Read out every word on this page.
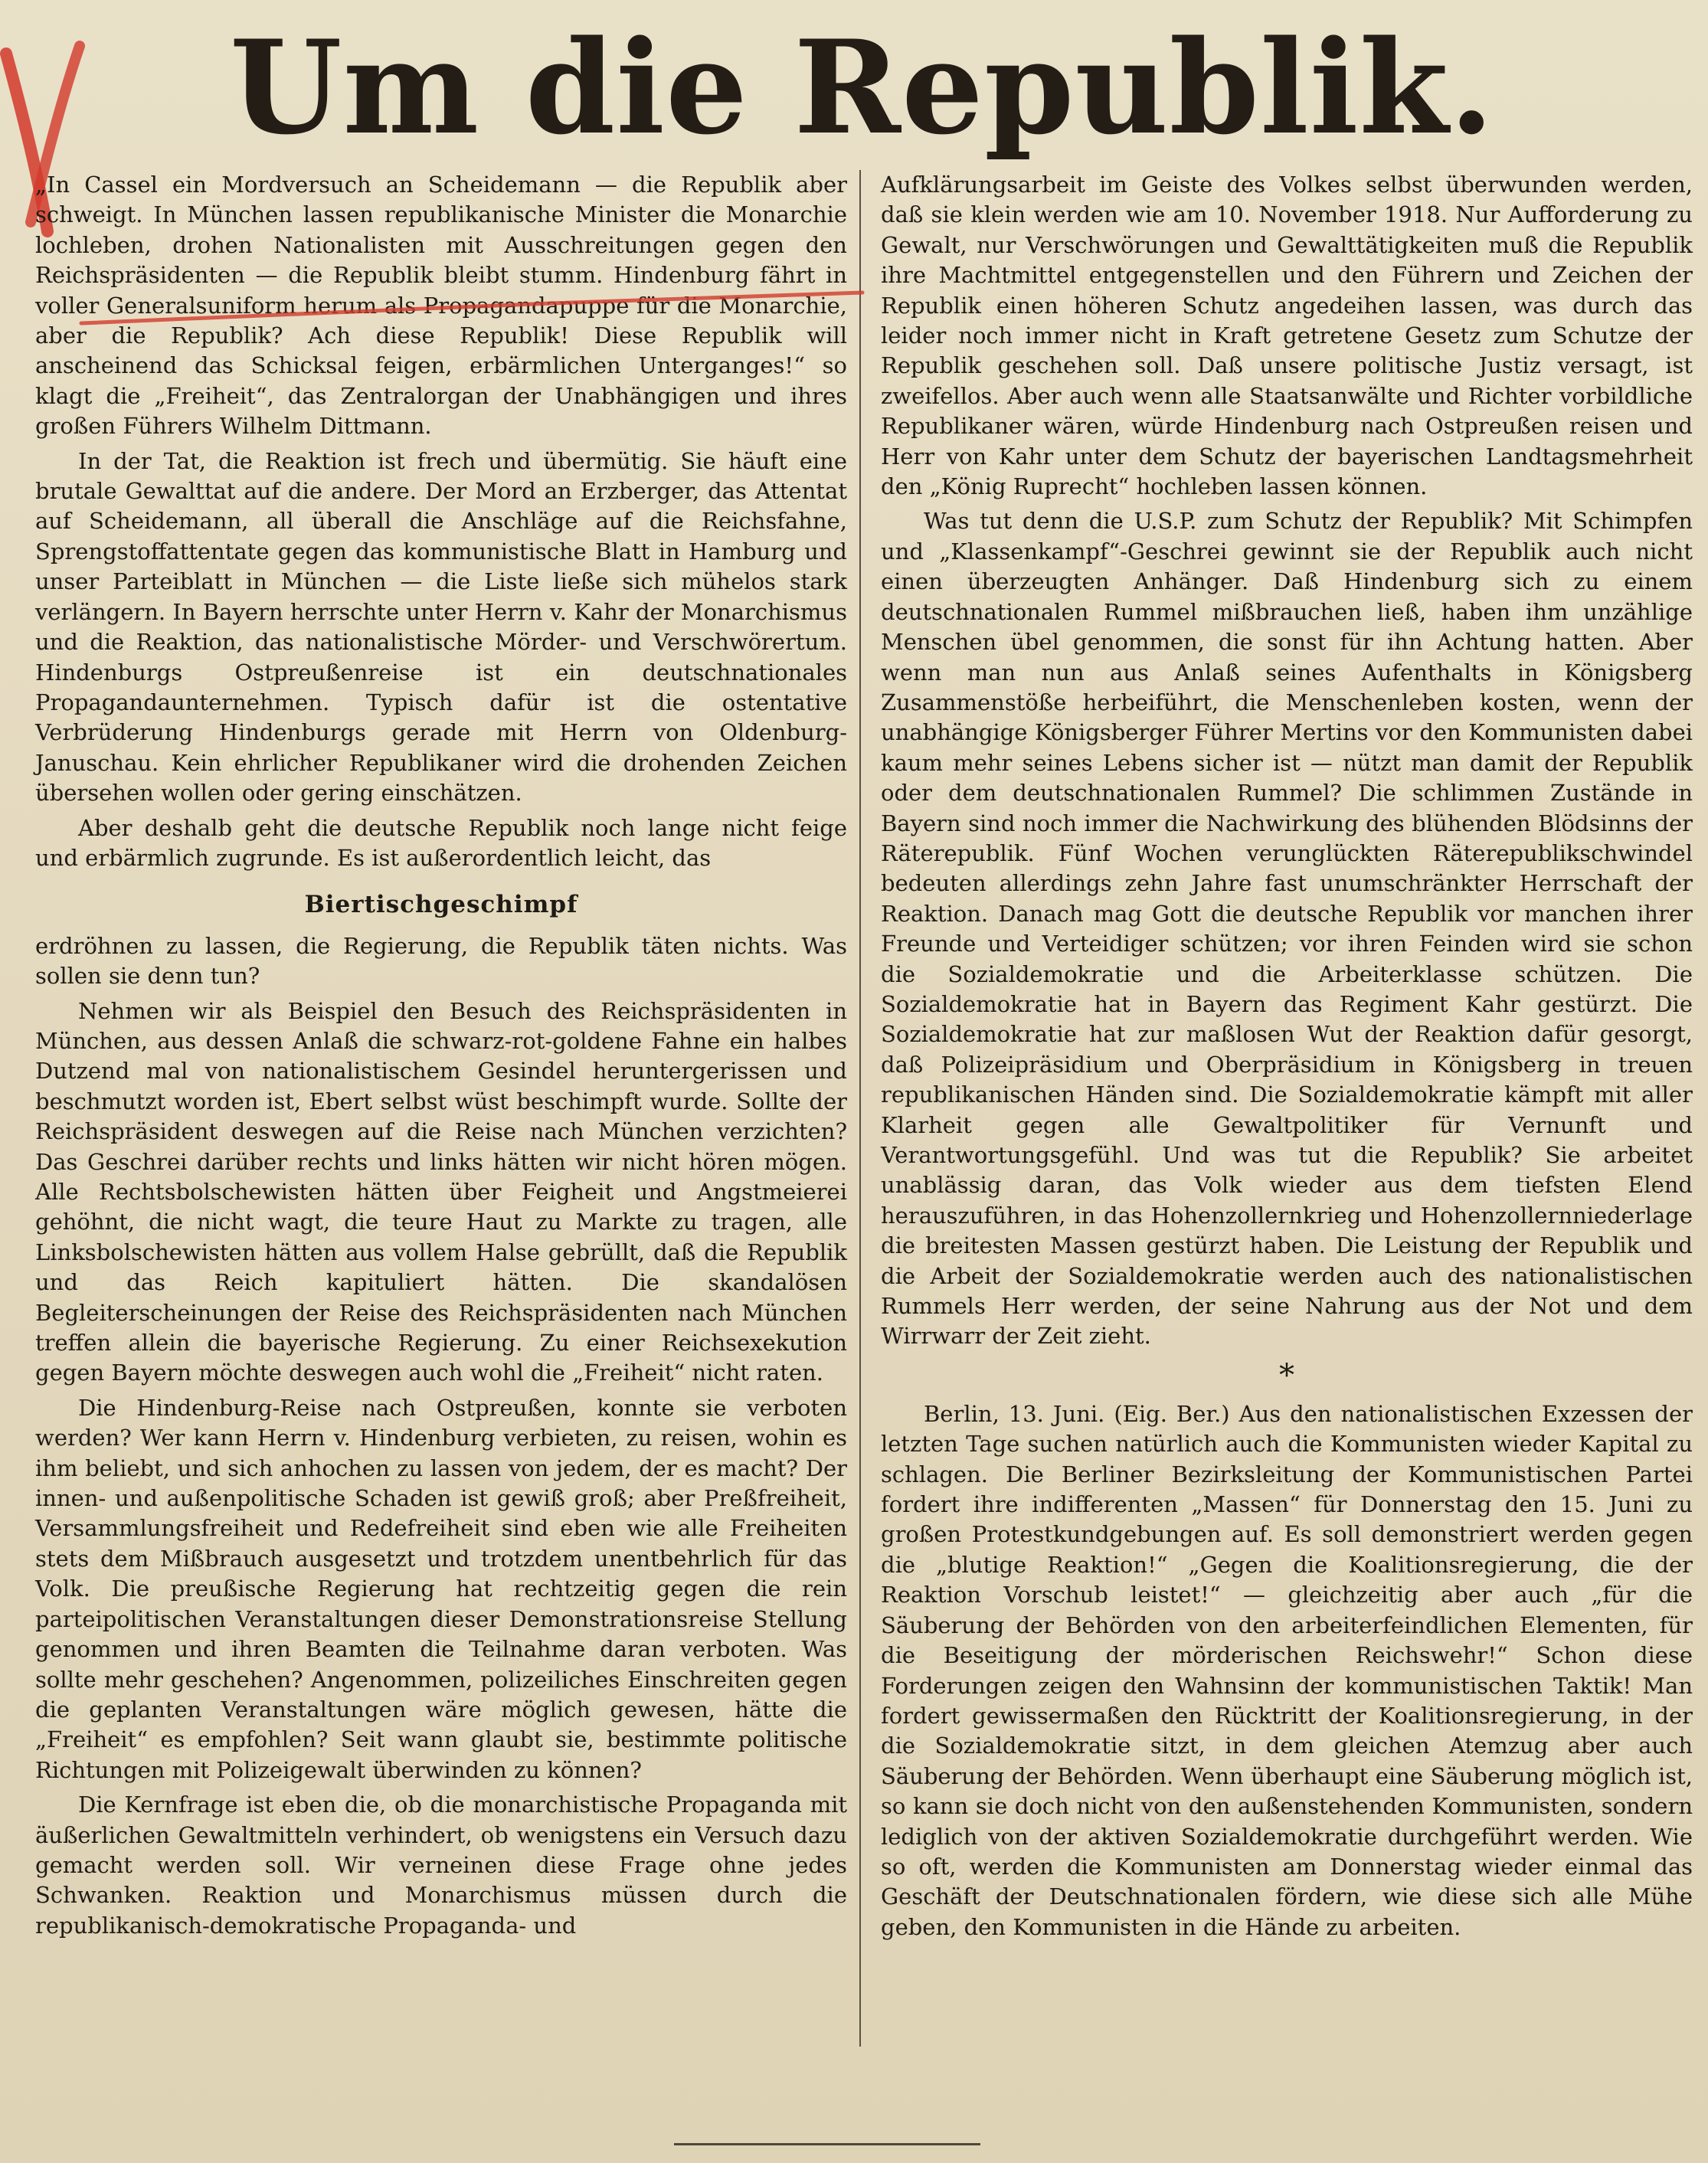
Um die Republik.

„In Cassel ein Mordversuch an Scheidemann — die Republik aber schweigt. In München lassen republikanische Minister die Monarchie lochleben, drohen Nationalisten mit Ausschreitungen gegen den Reichspräsidenten — die Republik bleibt stumm. Hindenburg fährt in voller Generalsuniform herum als Propagandapuppe für die Monarchie, aber die Republik? Ach diese Republik! Diese Republik will anscheinend das Schicksal feigen, erbärmlichen Unterganges!“ so klagt die „Freiheit“, das Zentralorgan der Unabhängigen und ihres großen Führers Wilhelm Dittmann.

In der Tat, die Reaktion ist frech und übermütig. Sie häuft eine brutale Gewalttat auf die andere. Der Mord an Erzberger, das Attentat auf Scheidemann, all überall die Anschläge auf die Reichsfahne, Sprengstoffattentate gegen das kommunistische Blatt in Hamburg und unser Parteiblatt in München — die Liste ließe sich mühelos stark verlängern. In Bayern herrschte unter Herrn v. Kahr der Monarchismus und die Reaktion, das nationalistische Mörder- und Verschwörertum. Hindenburgs Ostpreußenreise ist ein deutschnationales Propagandaunternehmen. Typisch dafür ist die ostentative Verbrüderung Hindenburgs gerade mit Herrn von Oldenburg-Januschau. Kein ehrlicher Republikaner wird die drohenden Zeichen übersehen wollen oder gering einschätzen.

Aber deshalb geht die deutsche Republik noch lange nicht feige und erbärmlich zugrunde. Es ist außerordentlich leicht, das

Biertischgeschimpf

erdröhnen zu lassen, die Regierung, die Republik täten nichts. Was sollen sie denn tun?

Nehmen wir als Beispiel den Besuch des Reichspräsidenten in München, aus dessen Anlaß die schwarz-rot-goldene Fahne ein halbes Dutzend mal von nationalistischem Gesindel heruntergerissen und beschmutzt worden ist, Ebert selbst wüst beschimpft wurde. Sollte der Reichspräsident deswegen auf die Reise nach München verzichten? Das Geschrei darüber rechts und links hätten wir nicht hören mögen. Alle Rechtsbolschewisten hätten über Feigheit und Angstmeierei gehöhnt, die nicht wagt, die teure Haut zu Markte zu tragen, alle Linksbolschewisten hätten aus vollem Halse gebrüllt, daß die Republik und das Reich kapituliert hätten. Die skandalösen Begleiterscheinungen der Reise des Reichspräsidenten nach München treffen allein die bayerische Regierung. Zu einer Reichsexekution gegen Bayern möchte deswegen auch wohl die „Freiheit“ nicht raten.

Die Hindenburg-Reise nach Ostpreußen, konnte sie verboten werden? Wer kann Herrn v. Hindenburg verbieten, zu reisen, wohin es ihm beliebt, und sich anhochen zu lassen von jedem, der es macht? Der innen- und außenpolitische Schaden ist gewiß groß; aber Preßfreiheit, Versammlungsfreiheit und Redefreiheit sind eben wie alle Freiheiten stets dem Mißbrauch ausgesetzt und trotzdem unentbehrlich für das Volk. Die preußische Regierung hat rechtzeitig gegen die rein parteipolitischen Veranstaltungen dieser Demonstrationsreise Stellung genommen und ihren Beamten die Teilnahme daran verboten. Was sollte mehr geschehen? Angenommen, polizeiliches Einschreiten gegen die geplanten Veranstaltungen wäre möglich gewesen, hätte die „Freiheit“ es empfohlen? Seit wann glaubt sie, bestimmte politische Richtungen mit Polizeigewalt überwinden zu können?

Die Kernfrage ist eben die, ob die monarchistische Propaganda mit äußerlichen Gewaltmitteln verhindert, ob wenigstens ein Versuch dazu gemacht werden soll. Wir verneinen diese Frage ohne jedes Schwanken. Reaktion und Monarchismus müssen durch die republikanisch-demokratische Propaganda- und

Aufklärungsarbeit im Geiste des Volkes selbst überwunden werden, daß sie klein werden wie am 10. November 1918. Nur Aufforderung zu Gewalt, nur Verschwörungen und Gewalttätigkeiten muß die Republik ihre Machtmittel entgegenstellen und den Führern und Zeichen der Republik einen höheren Schutz angedeihen lassen, was durch das leider noch immer nicht in Kraft getretene Gesetz zum Schutze der Republik geschehen soll. Daß unsere politische Justiz versagt, ist zweifellos. Aber auch wenn alle Staatsanwälte und Richter vorbildliche Republikaner wären, würde Hindenburg nach Ostpreußen reisen und Herr von Kahr unter dem Schutz der bayerischen Landtagsmehrheit den „König Ruprecht“ hochleben lassen können.

Was tut denn die U.S.P. zum Schutz der Republik? Mit Schimpfen und „Klassenkampf“-Geschrei gewinnt sie der Republik auch nicht einen überzeugten Anhänger. Daß Hindenburg sich zu einem deutschnationalen Rummel mißbrauchen ließ, haben ihm unzählige Menschen übel genommen, die sonst für ihn Achtung hatten. Aber wenn man nun aus Anlaß seines Aufenthalts in Königsberg Zusammenstöße herbeiführt, die Menschenleben kosten, wenn der unabhängige Königsberger Führer Mertins vor den Kommunisten dabei kaum mehr seines Lebens sicher ist — nützt man damit der Republik oder dem deutschnationalen Rummel? Die schlimmen Zustände in Bayern sind noch immer die Nachwirkung des blühenden Blödsinns der Räterepublik. Fünf Wochen verunglückten Räterepublikschwindel bedeuten allerdings zehn Jahre fast unumschränkter Herrschaft der Reaktion. Danach mag Gott die deutsche Republik vor manchen ihrer Freunde und Verteidiger schützen; vor ihren Feinden wird sie schon die Sozialdemokratie und die Arbeiterklasse schützen. Die Sozialdemokratie hat in Bayern das Regiment Kahr gestürzt. Die Sozialdemokratie hat zur maßlosen Wut der Reaktion dafür gesorgt, daß Polizeipräsidium und Oberpräsidium in Königsberg in treuen republikanischen Händen sind. Die Sozialdemokratie kämpft mit aller Klarheit gegen alle Gewaltpolitiker für Vernunft und Verantwortungsgefühl. Und was tut die Republik? Sie arbeitet unablässig daran, das Volk wieder aus dem tiefsten Elend herauszuführen, in das Hohenzollernkrieg und Hohenzollernniederlage die breitesten Massen gestürzt haben. Die Leistung der Republik und die Arbeit der Sozialdemokratie werden auch des nationalistischen Rummels Herr werden, der seine Nahrung aus der Not und dem Wirrwarr der Zeit zieht.

*

Berlin, 13. Juni. (Eig. Ber.) Aus den nationalistischen Exzessen der letzten Tage suchen natürlich auch die Kommunisten wieder Kapital zu schlagen. Die Berliner Bezirksleitung der Kommunistischen Partei fordert ihre indifferenten „Massen“ für Donnerstag den 15. Juni zu großen Protestkundgebungen auf. Es soll demonstriert werden gegen die „blutige Reaktion!“ „Gegen die Koalitionsregierung, die der Reaktion Vorschub leistet!“ — gleichzeitig aber auch „für die Säuberung der Behörden von den arbeiterfeindlichen Elementen, für die Beseitigung der mörderischen Reichswehr!“ Schon diese Forderungen zeigen den Wahnsinn der kommunistischen Taktik! Man fordert gewissermaßen den Rücktritt der Koalitionsregierung, in der die Sozialdemokratie sitzt, in dem gleichen Atemzug aber auch Säuberung der Behörden. Wenn überhaupt eine Säuberung möglich ist, so kann sie doch nicht von den außenstehenden Kommunisten, sondern lediglich von der aktiven Sozialdemokratie durchgeführt werden. Wie so oft, werden die Kommunisten am Donnerstag wieder einmal das Geschäft der Deutschnationalen fördern, wie diese sich alle Mühe geben, den Kommunisten in die Hände zu arbeiten.
